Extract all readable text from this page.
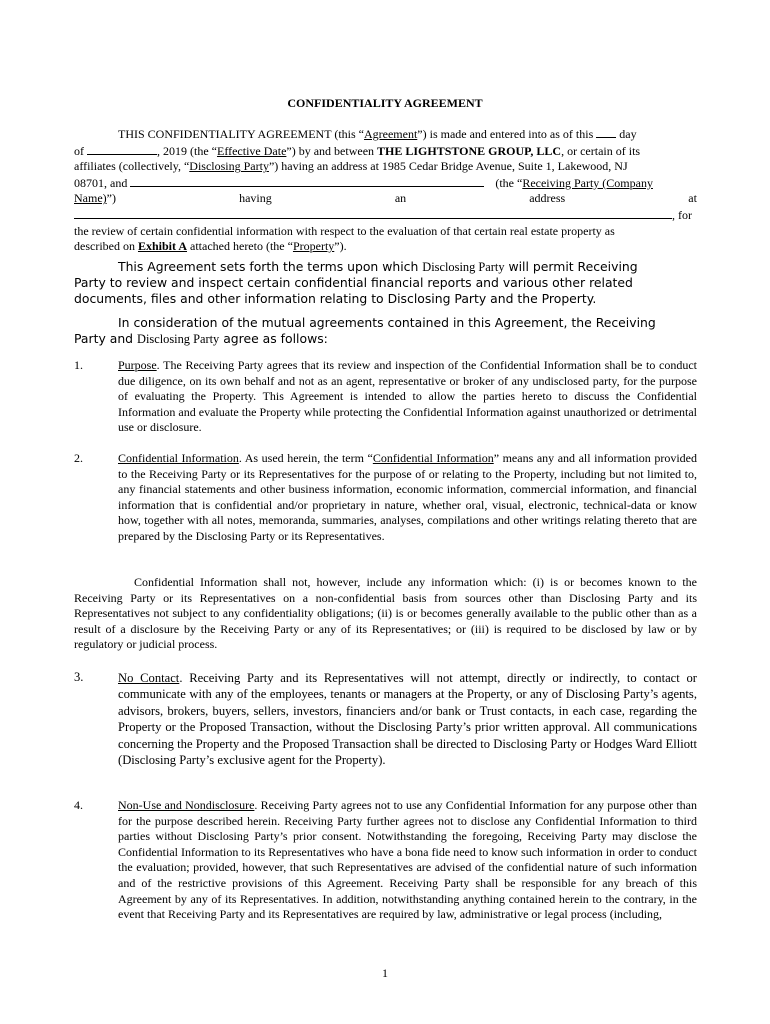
CONFIDENTIALITY AGREEMENT
THIS CONFIDENTIALITY AGREEMENT (this “Agreement”) is made and entered into as of this day
of	, 2019 (the “Effective Date”) by and between THE LIGHTSTONE GROUP, LLC, or certain of its
affiliates (collectively, “Disclosing Party”) having an address at 1985 Cedar Bridge Avenue, Suite 1, Lakewood, NJ
08701, and	(the “Receiving Party (Company
Name)”)	having	an	address	at
, for
the review of certain confidential information with respect to the evaluation of that certain real estate property as
described on Exhibit A attached hereto (the “Property”).
This Agreement sets forth the terms upon which Disclosing Party will permit Receiving
Party to review and inspect certain confidential financial reports and various other related
documents, files and other information relating to Disclosing Party and the Property.
In consideration of the mutual agreements contained in this Agreement, the Receiving
Party and Disclosing Party agree as follows:
1.	Purpose. The Receiving Party agrees that its review and inspection of the Confidential Information shall be to conduct due diligence, on its own behalf and not as an agent, representative or broker of any undisclosed party, for the purpose of evaluating the Property. This Agreement is intended to allow the parties hereto to discuss the Confidential Information and evaluate the Property while protecting the Confidential Information against unauthorized or detrimental use or disclosure.
2.	Confidential Information. As used herein, the term “Confidential Information” means any and all information provided to the Receiving Party or its Representatives for the purpose of or relating to the Property, including but not limited to, any financial statements and other business information, economic information, commercial information, and financial information that is confidential and/or proprietary in nature, whether oral, visual, electronic, technical-data or know how, together with all notes, memoranda, summaries, analyses, compilations and other writings relating thereto that are prepared by the Disclosing Party or its Representatives.
Confidential Information shall not, however, include any information which: (i) is or becomes known to the Receiving Party or its Representatives on a non-confidential basis from sources other than Disclosing Party and its Representatives not subject to any confidentiality obligations; (ii) is or becomes generally available to the public other than as a result of a disclosure by the Receiving Party or any of its Representatives; or (iii) is required to be disclosed by law or by regulatory or judicial process.
3.	No Contact. Receiving Party and its Representatives will not attempt, directly or indirectly, to contact or communicate with any of the employees, tenants or managers at the Property, or any of Disclosing Party’s agents, advisors, brokers, buyers, sellers, investors, financiers and/or bank or Trust contacts, in each case, regarding the Property or the Proposed Transaction, without the Disclosing Party’s prior written approval. All communications concerning the Property and the Proposed Transaction shall be directed to Disclosing Party or Hodges Ward Elliott (Disclosing Party’s exclusive agent for the Property).
4.	Non-Use and Nondisclosure. Receiving Party agrees not to use any Confidential Information for any purpose other than for the purpose described herein. Receiving Party further agrees not to disclose any Confidential Information to third parties without Disclosing Party’s prior consent. Notwithstanding the foregoing, Receiving Party may disclose the Confidential Information to its Representatives who have a bona fide need to know such information in order to conduct the evaluation; provided, however, that such Representatives are advised of the confidential nature of such information and of the restrictive provisions of this Agreement. Receiving Party shall be responsible for any breach of this Agreement by any of its Representatives. In addition, notwithstanding anything contained herein to the contrary, in the event that Receiving Party and its Representatives are required by law, administrative or legal process (including,
1
